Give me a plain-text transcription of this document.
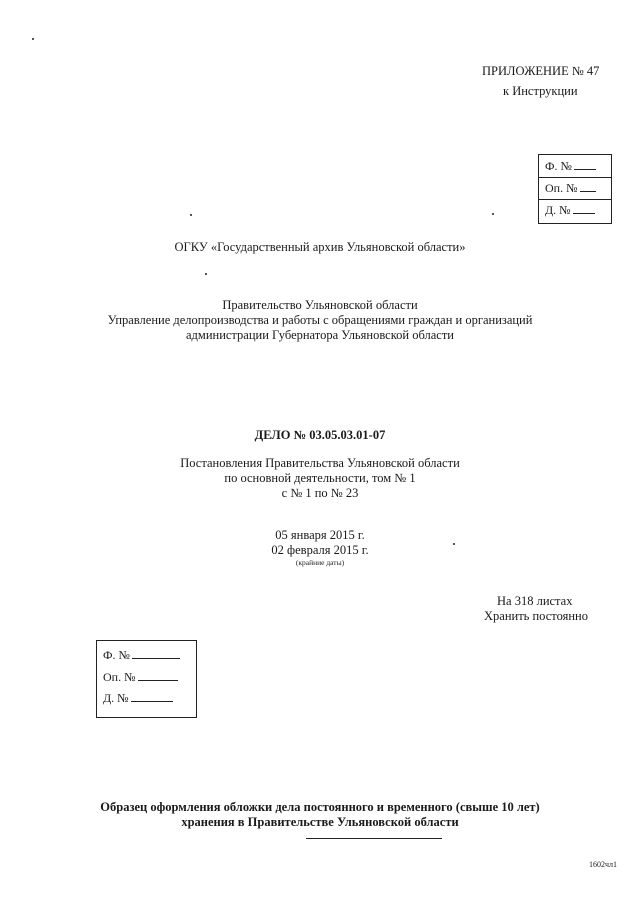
ПРИЛОЖЕНИЕ № 47
к Инструкции
Ф. №
Оп. №
Д. №
ОГКУ «Государственный архив Ульяновской области»
Правительство Ульяновской области
Управление делопроизводства и работы с обращениями граждан и организаций
администрации Губернатора Ульяновской области
ДЕЛО № 03.05.03.01-07
Постановления Правительства Ульяновской области
по основной деятельности, том № 1
с № 1 по № 23
05 января 2015 г.
02 февраля 2015 г.
(крайние даты)
На 318 листах
Хранить постоянно
Ф. №
Оп. №
Д. №
Образец оформления обложки дела постоянного и временного (свыше 10 лет)
хранения в Правительстве Ульяновской области
1602чл1
